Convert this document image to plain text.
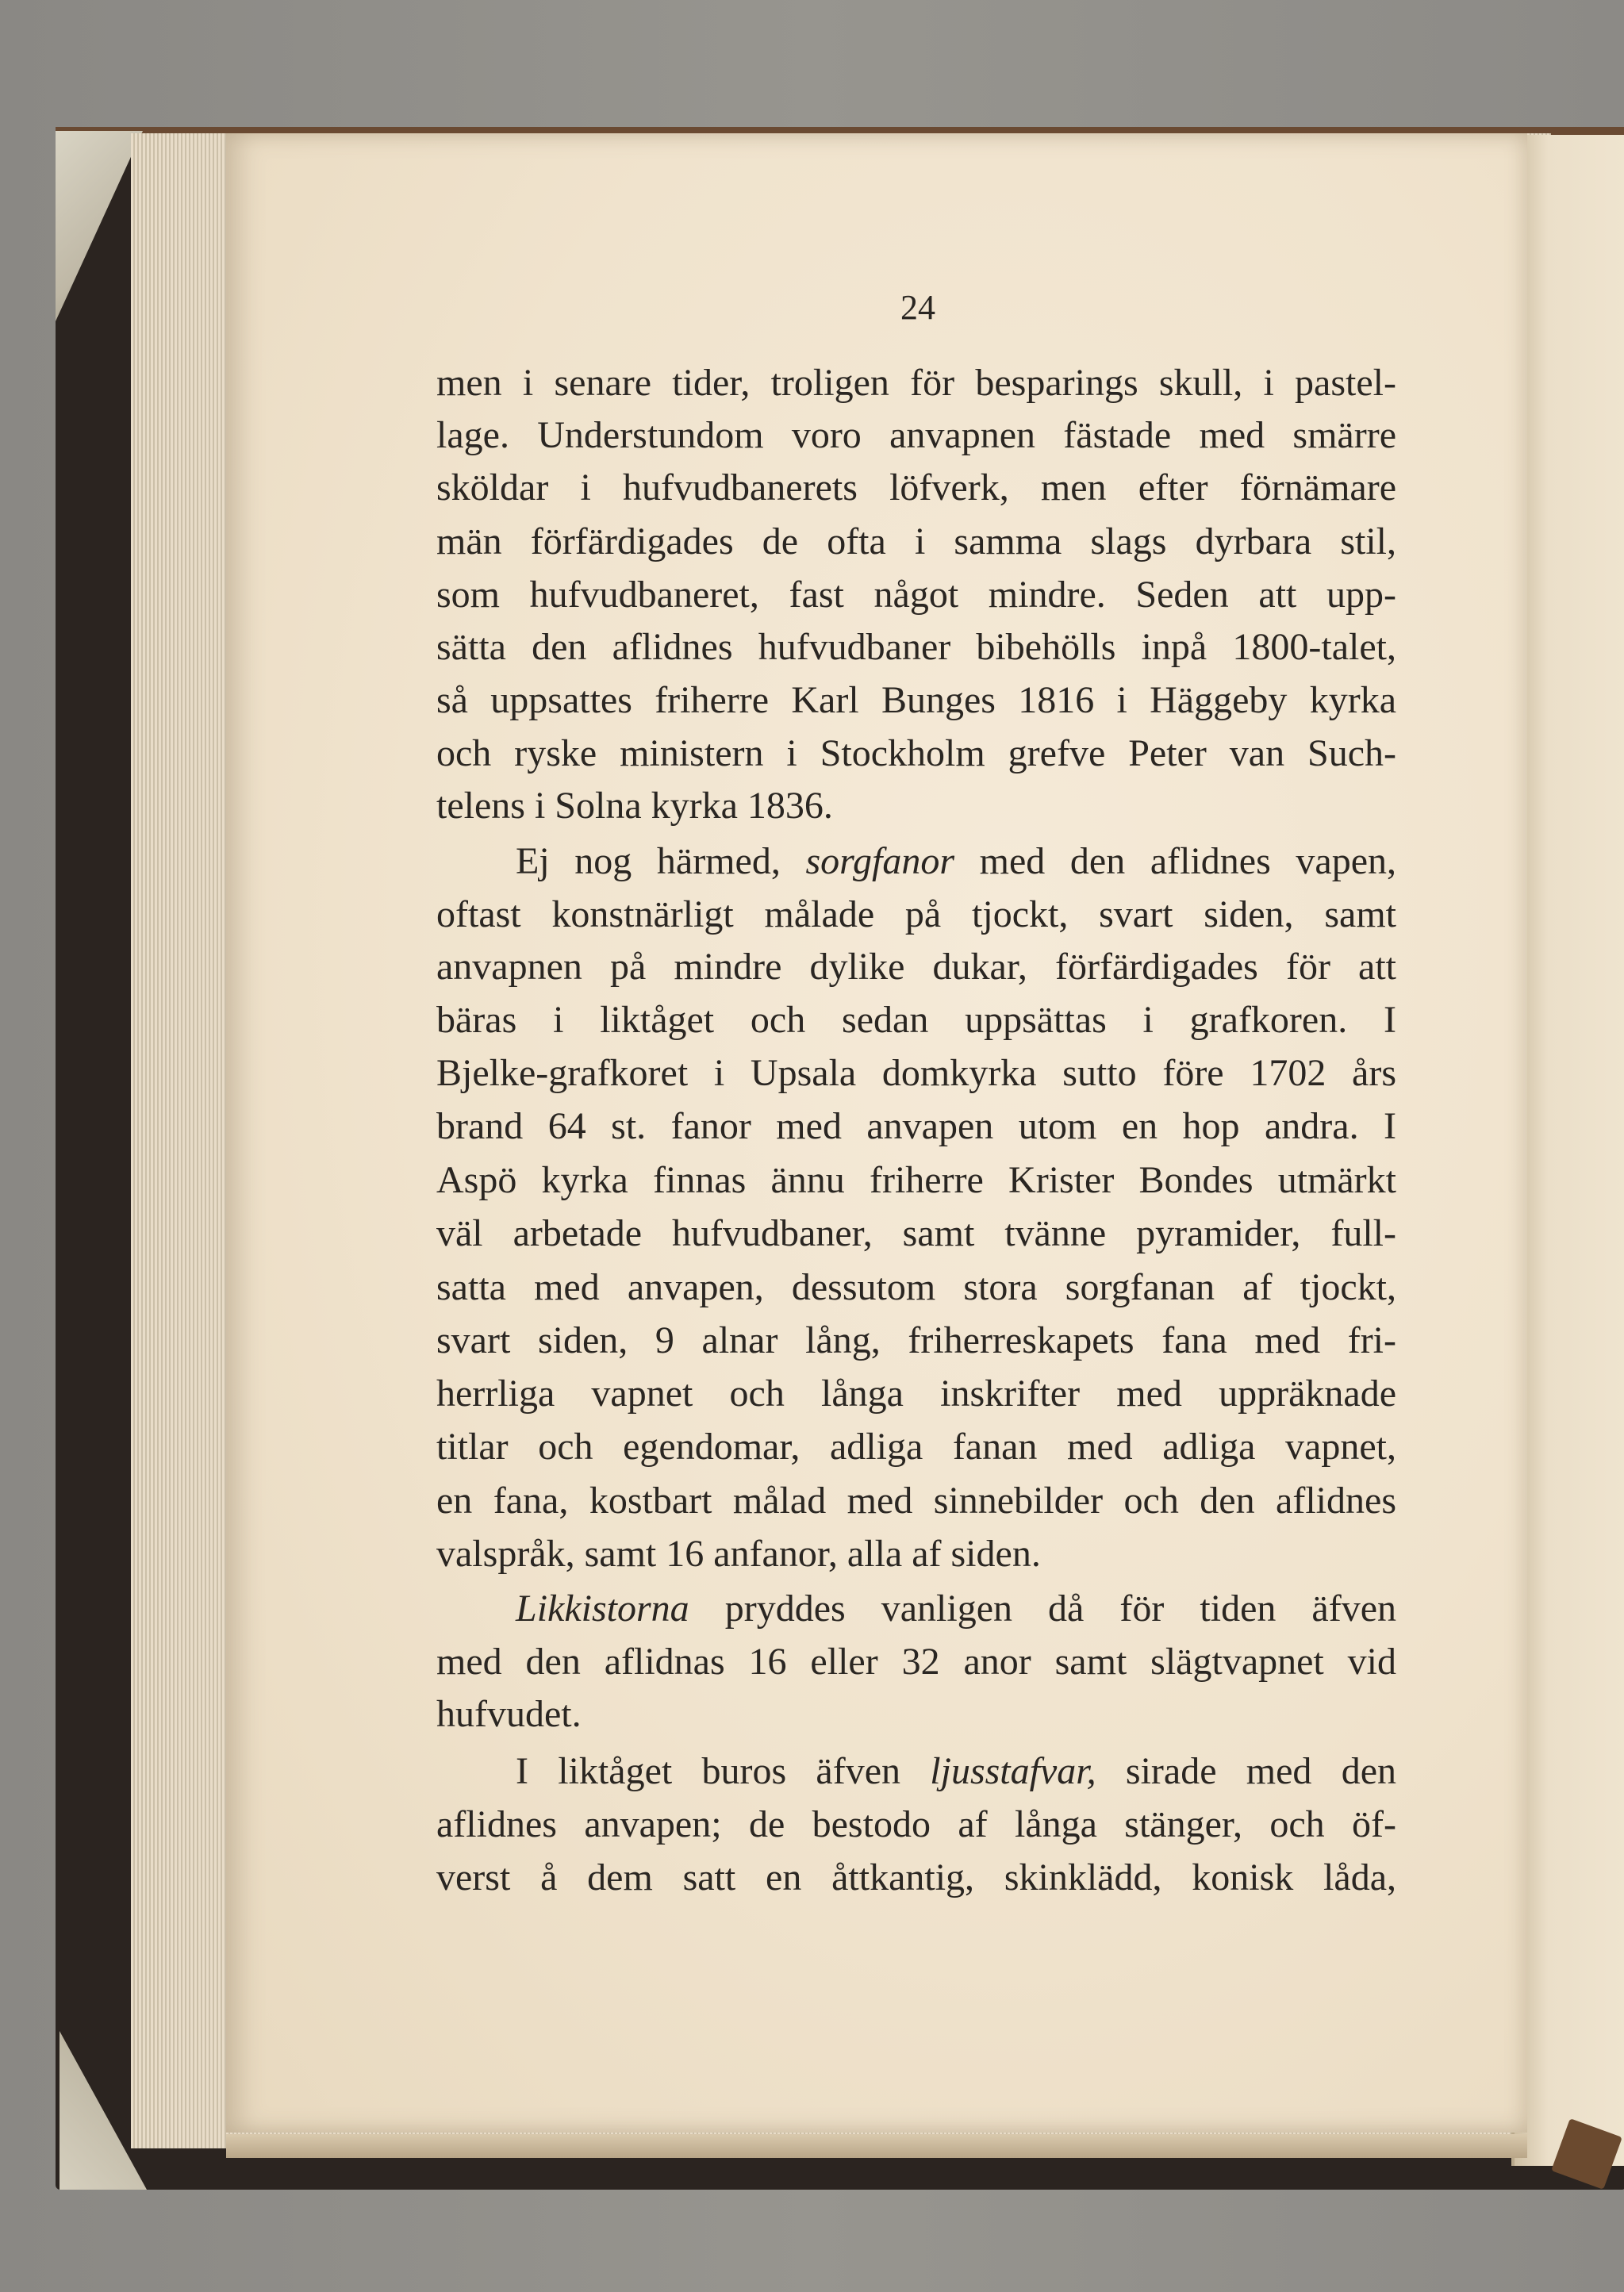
24
men i senare tider, troligen för besparings skull, i pastel-
lage. Understundom voro anvapnen fästade med smärre
sköldar i hufvudbanerets löfverk, men efter förnämare
män förfärdigades de ofta i samma slags dyrbara stil,
som hufvudbaneret, fast något mindre. Seden att upp-
sätta den aflidnes hufvudbaner bibehölls inpå 1800-talet,
så uppsattes friherre Karl Bunges 1816 i Häggeby kyrka
och ryske ministern i Stockholm grefve Peter van Such-
telens i Solna kyrka 1836.
Ej nog härmed, sorgfanor med den aflidnes vapen,
oftast konstnärligt målade på tjockt, svart siden, samt
anvapnen på mindre dylike dukar, förfärdigades för att
bäras i liktåget och sedan uppsättas i grafkoren. I
Bjelke-grafkoret i Upsala domkyrka sutto före 1702 års
brand 64 st. fanor med anvapen utom en hop andra. I
Aspö kyrka finnas ännu friherre Krister Bondes utmärkt
väl arbetade hufvudbaner, samt tvänne pyramider, full-
satta med anvapen, dessutom stora sorgfanan af tjockt,
svart siden, 9 alnar lång, friherreskapets fana med fri-
herrliga vapnet och långa inskrifter med uppräknade
titlar och egendomar, adliga fanan med adliga vapnet,
en fana, kostbart målad med sinnebilder och den aflidnes
valspråk, samt 16 anfanor, alla af siden.
Likkistorna pryddes vanligen då för tiden äfven
med den aflidnas 16 eller 32 anor samt slägtvapnet vid
hufvudet.
I liktåget buros äfven ljusstafvar, sirade med den
aflidnes anvapen; de bestodo af långa stänger, och öf-
verst å dem satt en åttkantig, skinklädd, konisk låda,
